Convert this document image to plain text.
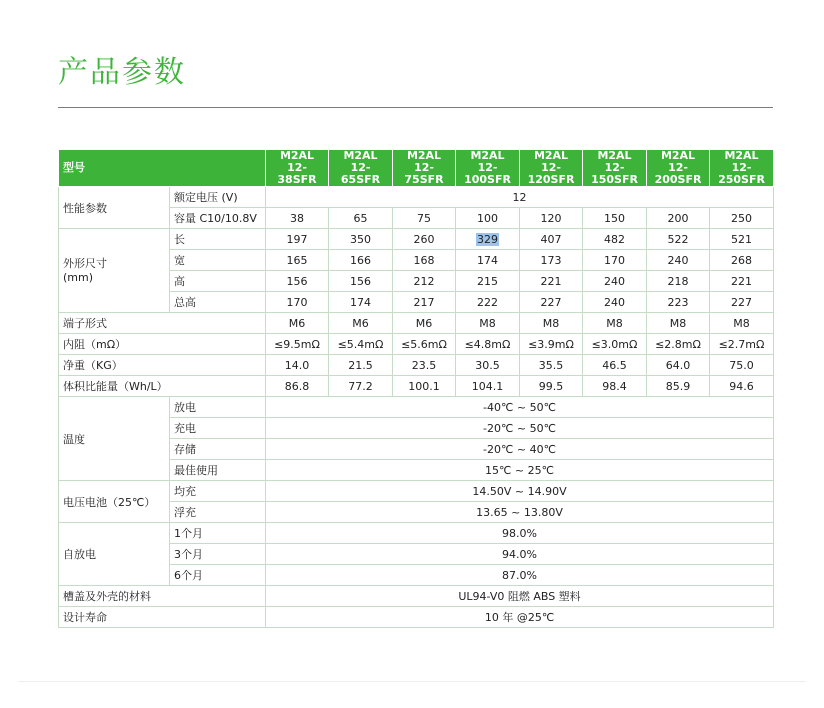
产品参数
型号		M2AL 12-38SFR	M2AL 12-65SFR	M2AL 12-75SFR	M2AL 12-100SFR	M2AL 12-120SFR	M2AL 12-150SFR	M2AL 12-200SFR	M2AL 12-250SFR
性能参数	额定电压 (V)	12							
	容量 C10/10.8V	38	65	75	100	120	150	200	250
外形尺寸
(mm)	长	197	350	260	329	407	482	522	521
	宽	165	166	168	174	173	170	240	268
	高	156	156	212	215	221	240	218	221
	总高	170	174	217	222	227	240	223	227
端子形式		M6	M6	M6	M8	M8	M8	M8	M8
内阻（mΩ）		≤9.5mΩ	≤5.4mΩ	≤5.6mΩ	≤4.8mΩ	≤3.9mΩ	≤3.0mΩ	≤2.8mΩ	≤2.7mΩ
净重（KG）		14.0	21.5	23.5	30.5	35.5	46.5	64.0	75.0
体积比能量（Wh/L）		86.8	77.2	100.1	104.1	99.5	98.4	85.9	94.6
温度	放电	-40℃ ~ 50℃							
	充电	-20℃ ~ 50℃							
	存储	-20℃ ~ 40℃							
	最佳使用	15℃ ~ 25℃							
电压电池（25℃）	均充	14.50V ~ 14.90V							
	浮充	13.65 ~ 13.80V							
自放电	1个月	98.0%							
	3个月	94.0%							
	6个月	87.0%							
槽盖及外壳的材料		UL94-V0 阻燃 ABS 塑料							
设计寿命		10 年 @25℃							
